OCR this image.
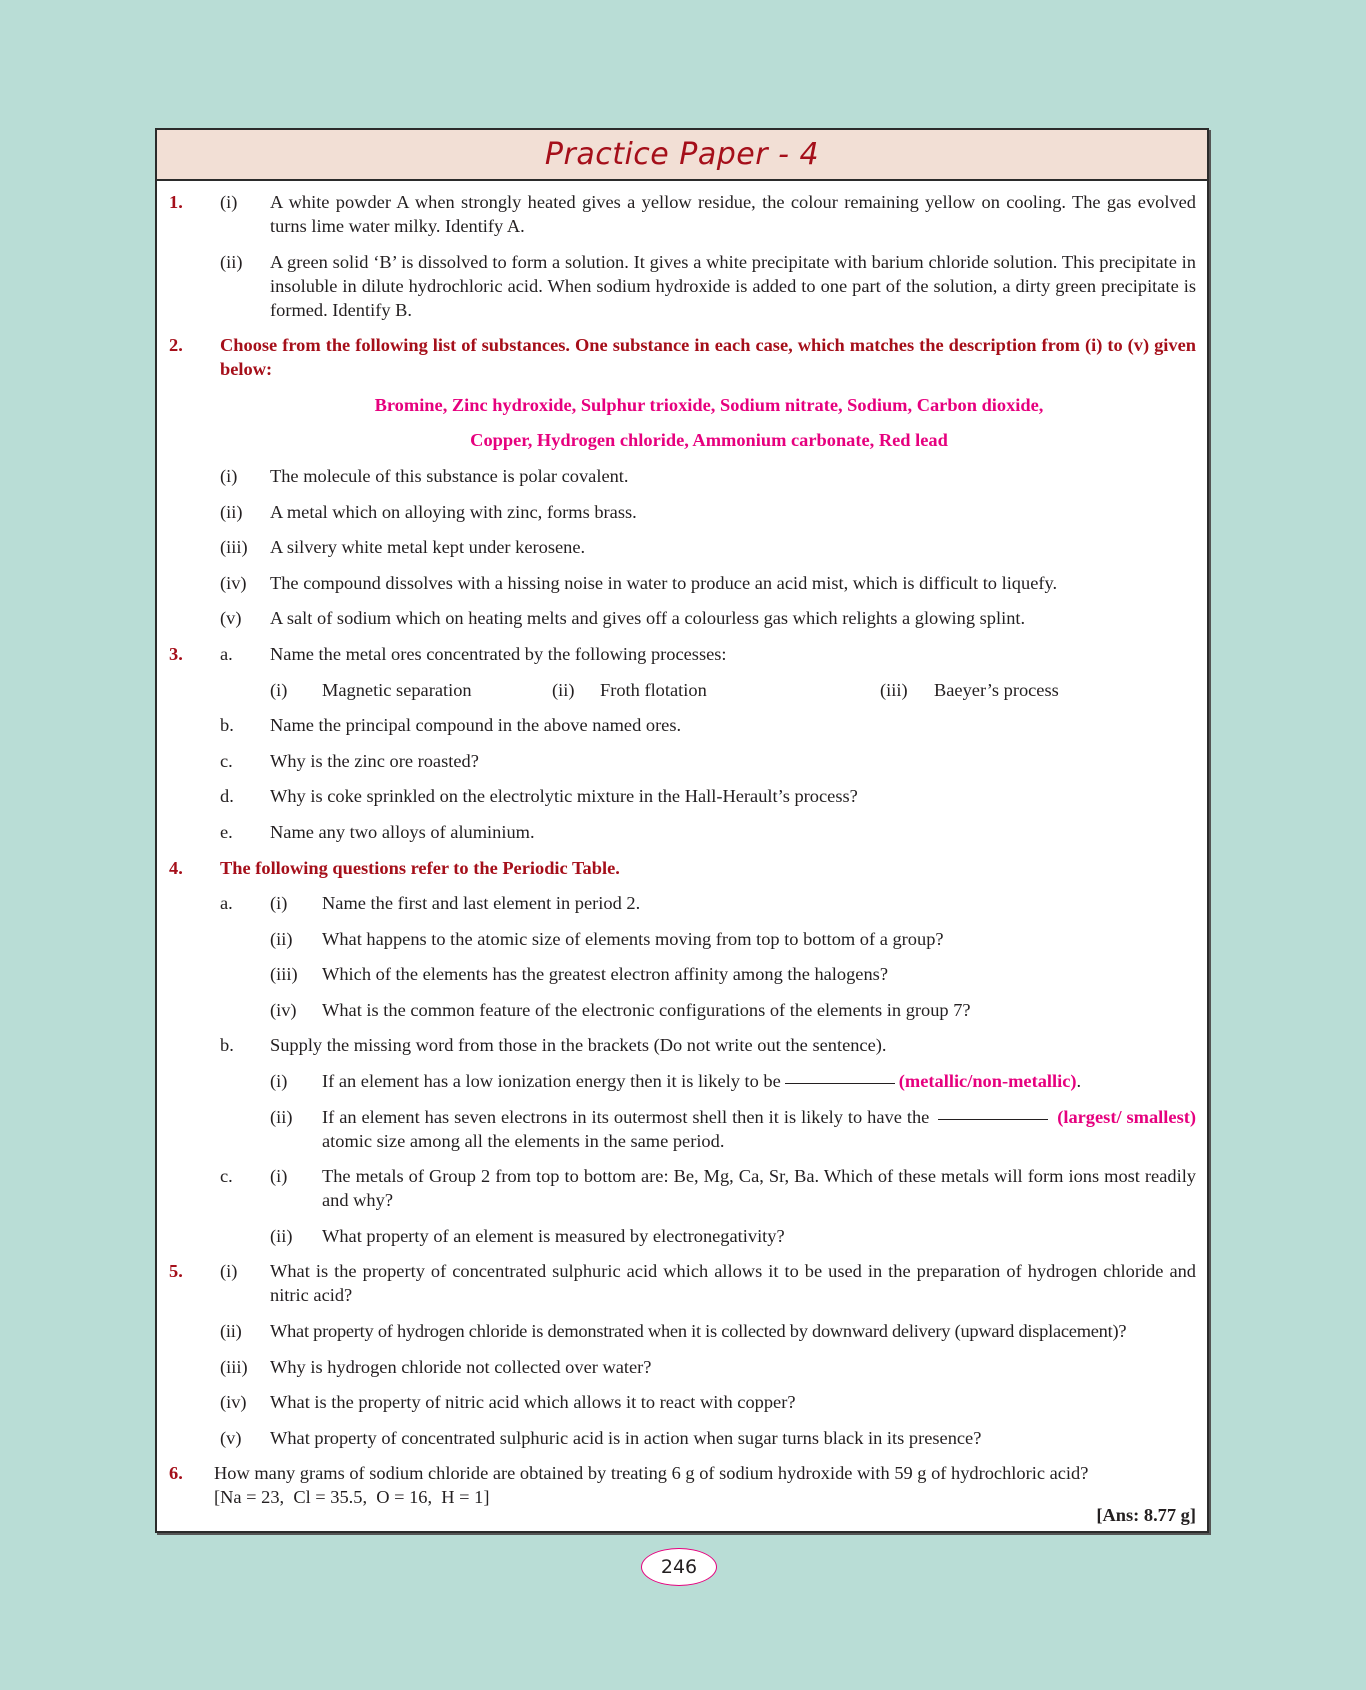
Practice Paper - 4
1. (i) A white powder A when strongly heated gives a yellow residue, the colour remaining yellow on cooling. The gas evolved turns lime water milky. Identify A.
(ii) A green solid ‘B’ is dissolved to form a solution. It gives a white precipitate with barium chloride solution. This precipitate in insoluble in dilute hydrochloric acid. When sodium hydroxide is added to one part of the solution, a dirty green precipitate is formed. Identify B.
2. Choose from the following list of substances. One substance in each case, which matches the description from (i) to (v) given below:
Bromine, Zinc hydroxide, Sulphur trioxide, Sodium nitrate, Sodium, Carbon dioxide,
Copper, Hydrogen chloride, Ammonium carbonate, Red lead
(i) The molecule of this substance is polar covalent.
(ii) A metal which on alloying with zinc, forms brass.
(iii) A silvery white metal kept under kerosene.
(iv) The compound dissolves with a hissing noise in water to produce an acid mist, which is difficult to liquefy.
(v) A salt of sodium which on heating melts and gives off a colourless gas which relights a glowing splint.
3. a. Name the metal ores concentrated by the following processes:
(i) Magnetic separation	(ii) Froth flotation	(iii) Baeyer’s process
b. Name the principal compound in the above named ores.
c. Why is the zinc ore roasted?
d. Why is coke sprinkled on the electrolytic mixture in the Hall-Herault’s process?
e. Name any two alloys of aluminium.
4. The following questions refer to the Periodic Table.
a. (i) Name the first and last element in period 2.
(ii) What happens to the atomic size of elements moving from top to bottom of a group?
(iii) Which of the elements has the greatest electron affinity among the halogens?
(iv) What is the common feature of the electronic configurations of the elements in group 7?
b. Supply the missing word from those in the brackets (Do not write out the sentence).
(i) If an element has a low ionization energy then it is likely to be	(metallic/non-metallic).
(ii) If an element has seven electrons in its outermost shell then it is likely to have the	(largest/ smallest) atomic size among all the elements in the same period.
c. (i) The metals of Group 2 from top to bottom are: Be, Mg, Ca, Sr, Ba. Which of these metals will form ions most readily and why?
(ii) What property of an element is measured by electronegativity?
5. (i) What is the property of concentrated sulphuric acid which allows it to be used in the preparation of hydrogen chloride and nitric acid?
(ii) What property of hydrogen chloride is demonstrated when it is collected by downward delivery (upward displacement)?
(iii) Why is hydrogen chloride not collected over water?
(iv) What is the property of nitric acid which allows it to react with copper?
(v) What property of concentrated sulphuric acid is in action when sugar turns black in its presence?
6. How many grams of sodium chloride are obtained by treating 6 g of sodium hydroxide with 59 g of hydrochloric acid?
[Na = 23,  Cl = 35.5,  O = 16,  H = 1]
[Ans: 8.77 g]
246
